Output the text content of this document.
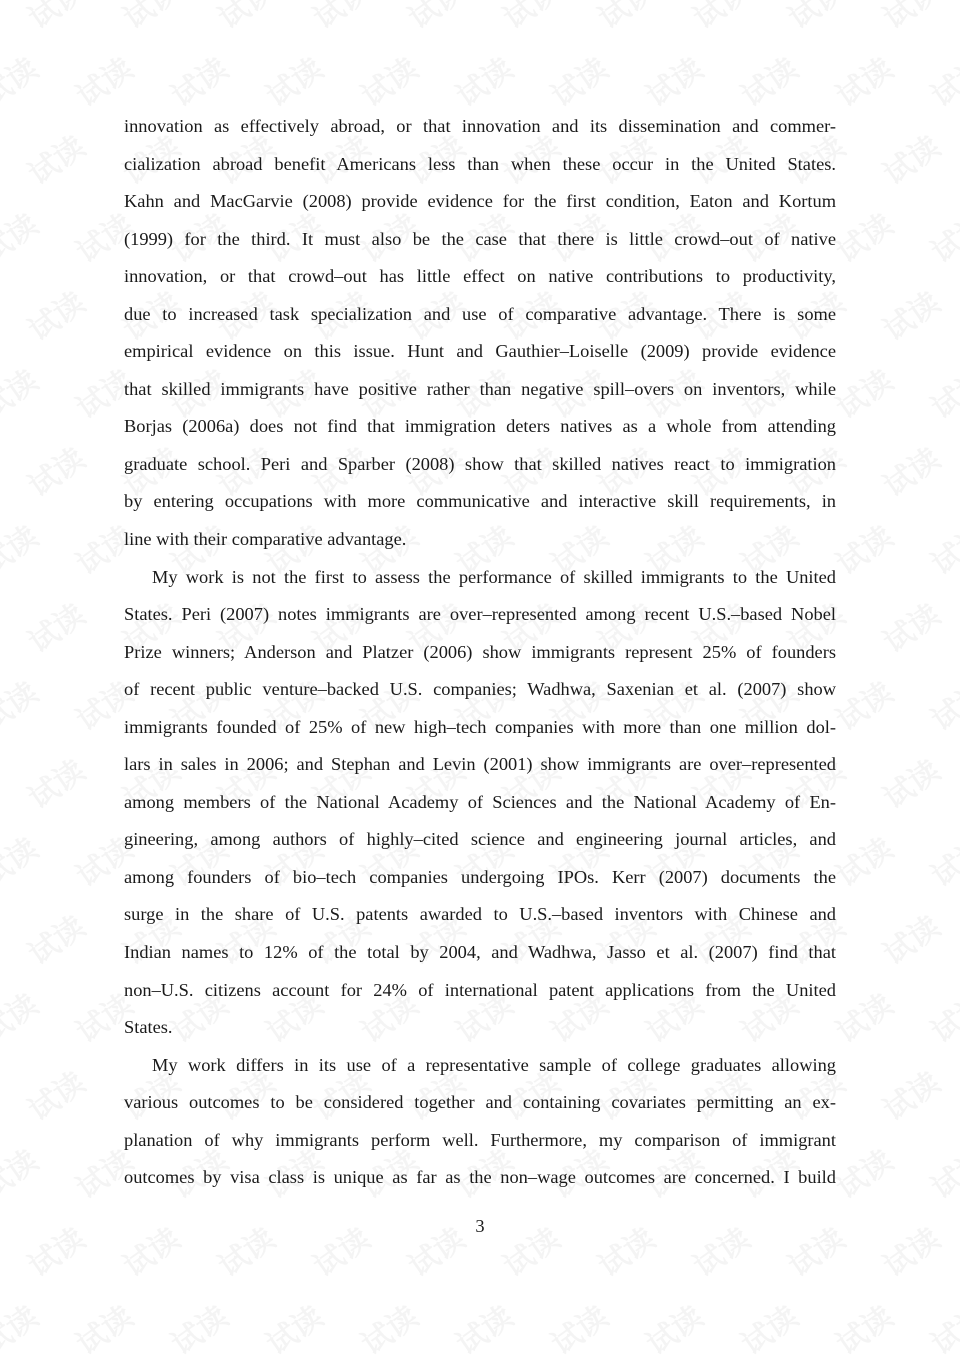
innovation as effectively abroad, or that innovation and its dissemination and commer-
cialization abroad benefit Americans less than when these occur in the United States.
Kahn and MacGarvie (2008) provide evidence for the first condition, Eaton and Kortum
(1999) for the third. It must also be the case that there is little crowd–out of native
innovation, or that crowd–out has little effect on native contributions to productivity,
due to increased task specialization and use of comparative advantage. There is some
empirical evidence on this issue. Hunt and Gauthier–Loiselle (2009) provide evidence
that skilled immigrants have positive rather than negative spill–overs on inventors, while
Borjas (2006a) does not find that immigration deters natives as a whole from attending
graduate school. Peri and Sparber (2008) show that skilled natives react to immigration
by entering occupations with more communicative and interactive skill requirements, in
line with their comparative advantage.
My work is not the first to assess the performance of skilled immigrants to the United
States. Peri (2007) notes immigrants are over–represented among recent U.S.–based Nobel
Prize winners; Anderson and Platzer (2006) show immigrants represent 25% of founders
of recent public venture–backed U.S. companies; Wadhwa, Saxenian et al. (2007) show
immigrants founded of 25% of new high–tech companies with more than one million dol-
lars in sales in 2006; and Stephan and Levin (2001) show immigrants are over–represented
among members of the National Academy of Sciences and the National Academy of En-
gineering, among authors of highly–cited science and engineering journal articles, and
among founders of bio–tech companies undergoing IPOs. Kerr (2007) documents the
surge in the share of U.S. patents awarded to U.S.–based inventors with Chinese and
Indian names to 12% of the total by 2004, and Wadhwa, Jasso et al. (2007) find that
non–U.S. citizens account for 24% of international patent applications from the United
States.
My work differs in its use of a representative sample of college graduates allowing
various outcomes to be considered together and containing covariates permitting an ex-
planation of why immigrants perform well. Furthermore, my comparison of immigrant
outcomes by visa class is unique as far as the non–wage outcomes are concerned. I build
3
